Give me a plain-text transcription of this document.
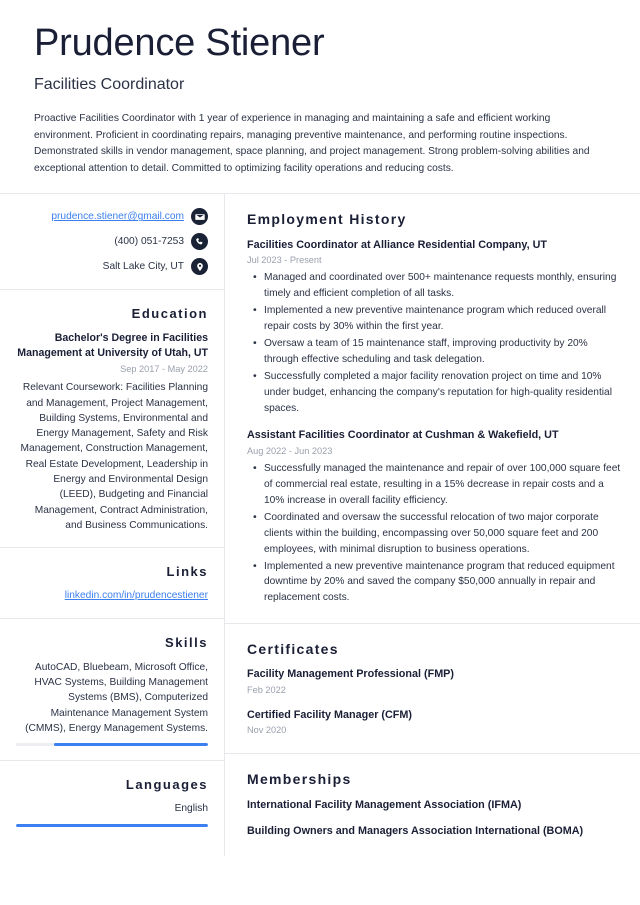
Prudence Stiener
Facilities Coordinator

Proactive Facilities Coordinator with 1 year of experience in managing and maintaining a safe and efficient working environment. Proficient in coordinating repairs, managing preventive maintenance, and performing routine inspections. Demonstrated skills in vendor management, space planning, and project management. Strong problem-solving abilities and exceptional attention to detail. Committed to optimizing facility operations and reducing costs.

prudence.stiener@gmail.com
(400) 051-7253
Salt Lake City, UT
Education
Bachelor's Degree in Facilities Management at University of Utah, UT
Sep 2017 - May 2022
Relevant Coursework: Facilities Planning and Management, Project Management, Building Systems, Environmental and Energy Management, Safety and Risk Management, Construction Management, Real Estate Development, Leadership in Energy and Environmental Design (LEED), Budgeting and Financial Management, Contract Administration, and Business Communications.
Links
linkedin.com/in/prudencestiener
Skills
AutoCAD, Bluebeam, Microsoft Office, HVAC Systems, Building Management Systems (BMS), Computerized Maintenance Management System (CMMS), Energy Management Systems.
Languages
English
Employment History
Facilities Coordinator at Alliance Residential Company, UT
Jul 2023 - Present
• Managed and coordinated over 500+ maintenance requests monthly, ensuring timely and efficient completion of all tasks.
• Implemented a new preventive maintenance program which reduced overall repair costs by 30% within the first year.
• Oversaw a team of 15 maintenance staff, improving productivity by 20% through effective scheduling and task delegation.
• Successfully completed a major facility renovation project on time and 10% under budget, enhancing the company's reputation for high-quality residential spaces.
Assistant Facilities Coordinator at Cushman & Wakefield, UT
Aug 2022 - Jun 2023
• Successfully managed the maintenance and repair of over 100,000 square feet of commercial real estate, resulting in a 15% decrease in repair costs and a 10% increase in overall facility efficiency.
• Coordinated and oversaw the successful relocation of two major corporate clients within the building, encompassing over 50,000 square feet and 200 employees, with minimal disruption to business operations.
• Implemented a new preventive maintenance program that reduced equipment downtime by 20% and saved the company $50,000 annually in repair and replacement costs.
Certificates
Facility Management Professional (FMP)
Feb 2022
Certified Facility Manager (CFM)
Nov 2020
Memberships
International Facility Management Association (IFMA)
Building Owners and Managers Association International (BOMA)
